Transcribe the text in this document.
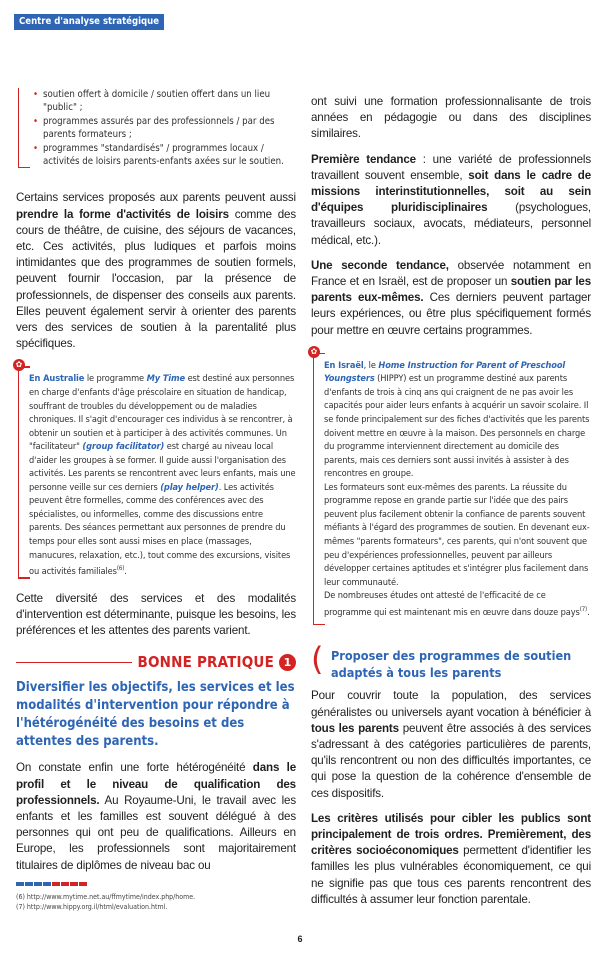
Centre d'analyse stratégique
• soutien offert à domicile / soutien offert dans un lieu "public" ;
• programmes assurés par des professionnels / par des parents formateurs ;
• programmes "standardisés" / programmes locaux / activités de loisirs parents-enfants axées sur le soutien.

Certains services proposés aux parents peuvent aussi prendre la forme d'activités de loisirs comme des cours de théâtre, de cuisine, des séjours de vacances, etc. Ces activités, plus ludiques et parfois moins intimidantes que des programmes de soutien formels, peuvent fournir l'occasion, par la présence de professionnels, de dispenser des conseils aux parents. Elles peuvent également servir à orienter des parents vers des services de soutien à la parentalité plus spécifiques.

✿

En Australie le programme My Time est destiné aux personnes en charge d'enfants d'âge préscolaire en situation de handicap, souffrant de troubles du développement ou de maladies chroniques. Il s'agit d'encourager ces individus à se rencontrer, à obtenir un soutien et à participer à des activités communes. Un "facilitateur" (group facilitator) est chargé au niveau local d'aider les groupes à se former. Il guide aussi l'organisation des activités. Les parents se rencontrent avec leurs enfants, mais une personne veille sur ces derniers (play helper). Les activités peuvent être formelles, comme des conférences avec des spécialistes, ou informelles, comme des discussions entre parents. Des séances permettant aux personnes de prendre du temps pour elles sont aussi mises en place (massages, manucures, relaxation, etc.), tout comme des excursions, visites ou activités familiales$^{(6)}$.

Cette diversité des services et des modalités d'intervention est déterminante, puisque les besoins, les préférences et les attentes des parents varient.

BONNE PRATIQUE 1
Diversifier les objectifs, les services et les modalités d'intervention pour répondre à l'hétérogénéité des besoins et des attentes des parents.

On constate enfin une forte hétérogénéité dans le profil et le niveau de qualification des professionnels. Au Royaume-Uni, le travail avec les enfants et les familles est souvent délégué à des personnes qui ont peu de qualifications. Ailleurs en Europe, les professionnels sont majoritairement titulaires de diplômes de niveau bac ou

ont suivi une formation professionnalisante de trois années en pédagogie ou dans des disciplines similaires.

Première tendance : une variété de professionnels travaillent souvent ensemble, soit dans le cadre de missions interinstitutionnelles, soit au sein d'équipes pluridisciplinaires (psychologues, travailleurs sociaux, avocats, médiateurs, personnel médical, etc.).

Une seconde tendance, observée notamment en France et en Israël, est de proposer un soutien par les parents eux-mêmes. Ces derniers peuvent partager leurs expériences, ou être plus spécifiquement formés pour mettre en œuvre certains programmes.

✿

En Israël, le Home Instruction for Parent of Preschool Youngsters (HIPPY) est un programme destiné aux parents d'enfants de trois à cinq ans qui craignent de ne pas avoir les capacités pour aider leurs enfants à acquérir un savoir scolaire. Il se fonde principalement sur des fiches d'activités que les parents doivent mettre en œuvre à la maison. Des personnels en charge du programme interviennent directement au domicile des parents, mais ces derniers sont aussi invités à assister à des rencontres en groupe.

Les formateurs sont eux-mêmes des parents. La réussite du programme repose en grande partie sur l'idée que des pairs peuvent plus facilement obtenir la confiance de parents souvent méfiants à l'égard des programmes de soutien. En devenant eux-mêmes "parents formateurs", ces parents, qui n'ont souvent que peu d'expériences professionnelles, peuvent par ailleurs développer certaines aptitudes et s'intégrer plus facilement dans leur communauté.

De nombreuses études ont attesté de l'efficacité de ce programme qui est maintenant mis en œuvre dans douze pays$^{(7)}$.

( Proposer des programmes de soutien adaptés à tous les parents

Pour couvrir toute la population, des services généralistes ou universels ayant vocation à bénéficier à tous les parents peuvent être associés à des services s'adressant à des catégories particulières de parents, qu'ils rencontrent ou non des difficultés importantes, ce qui pose la question de la cohérence d'ensemble de ces dispositifs.

Les critères utilisés pour cibler les publics sont principalement de trois ordres. Premièrement, des critères socioéconomiques permettent d'identifier les familles les plus vulnérables économiquement, ce qui ne signifie pas que tous ces parents rencontrent des difficultés à assumer leur fonction parentale.

(6) http://www.mytime.net.au/ffmytime/index.php/home.
(7) http://www.hippy.org.il/html/evaluation.html.
6
